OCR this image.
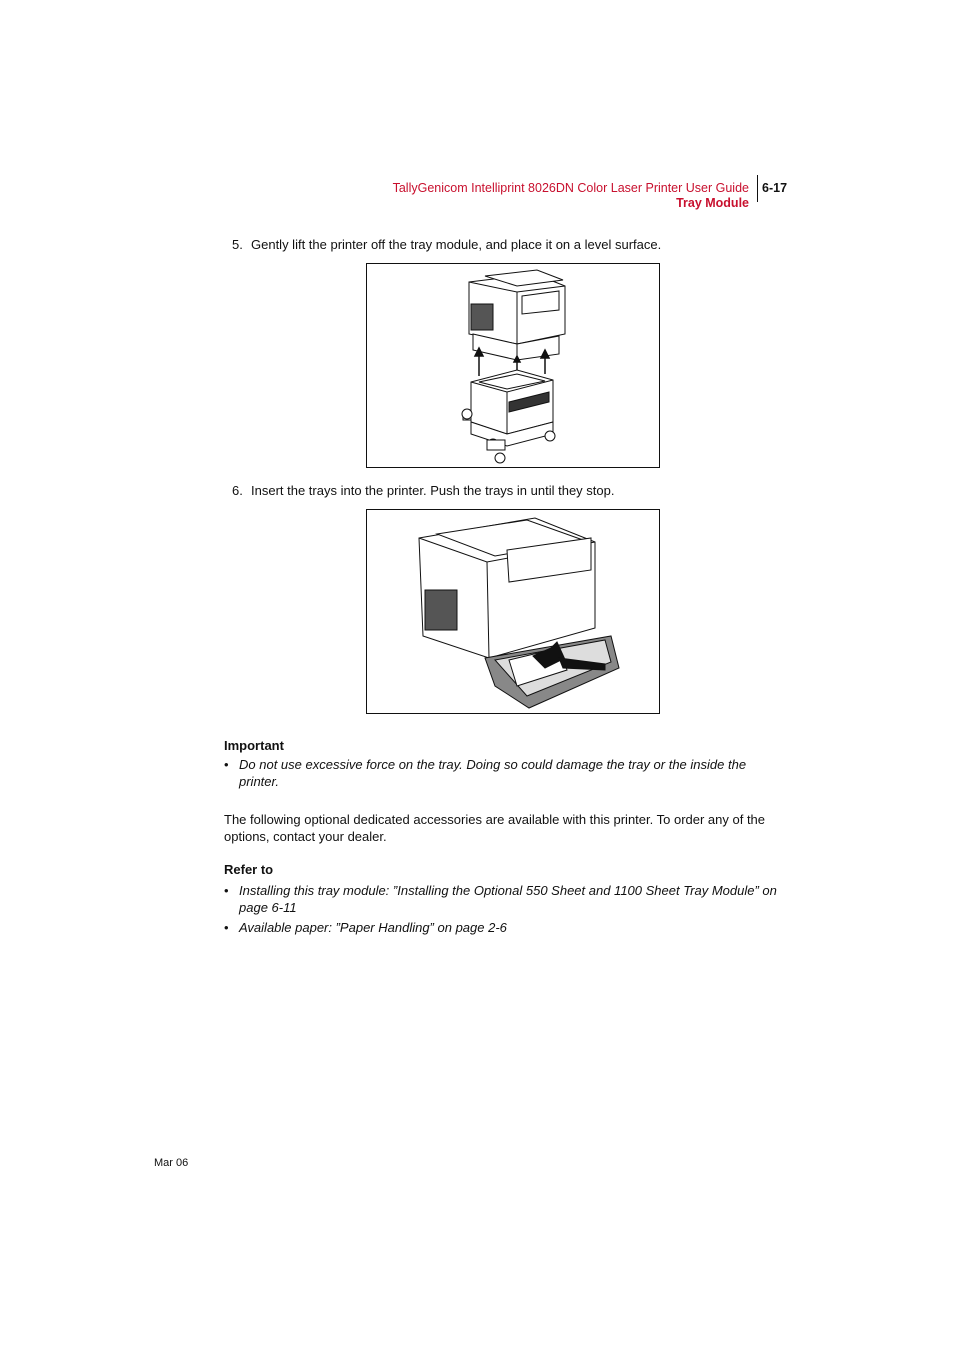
TallyGenicom Intelliprint 8026DN Color Laser Printer User Guide
Tray Module
6-17
5. Gently lift the printer off the tray module, and place it on a level surface.
6. Insert the trays into the printer. Push the trays in until they stop.
Important
• Do not use excessive force on the tray. Doing so could damage the tray or the inside the printer.
The following optional dedicated accessories are available with this printer. To order any of the options, contact your dealer.
Refer to
• Installing this tray module: ”Installing the Optional 550 Sheet and 1100 Sheet Tray Module” on page 6-11
• Available paper: ”Paper Handling” on page 2-6
Mar 06
